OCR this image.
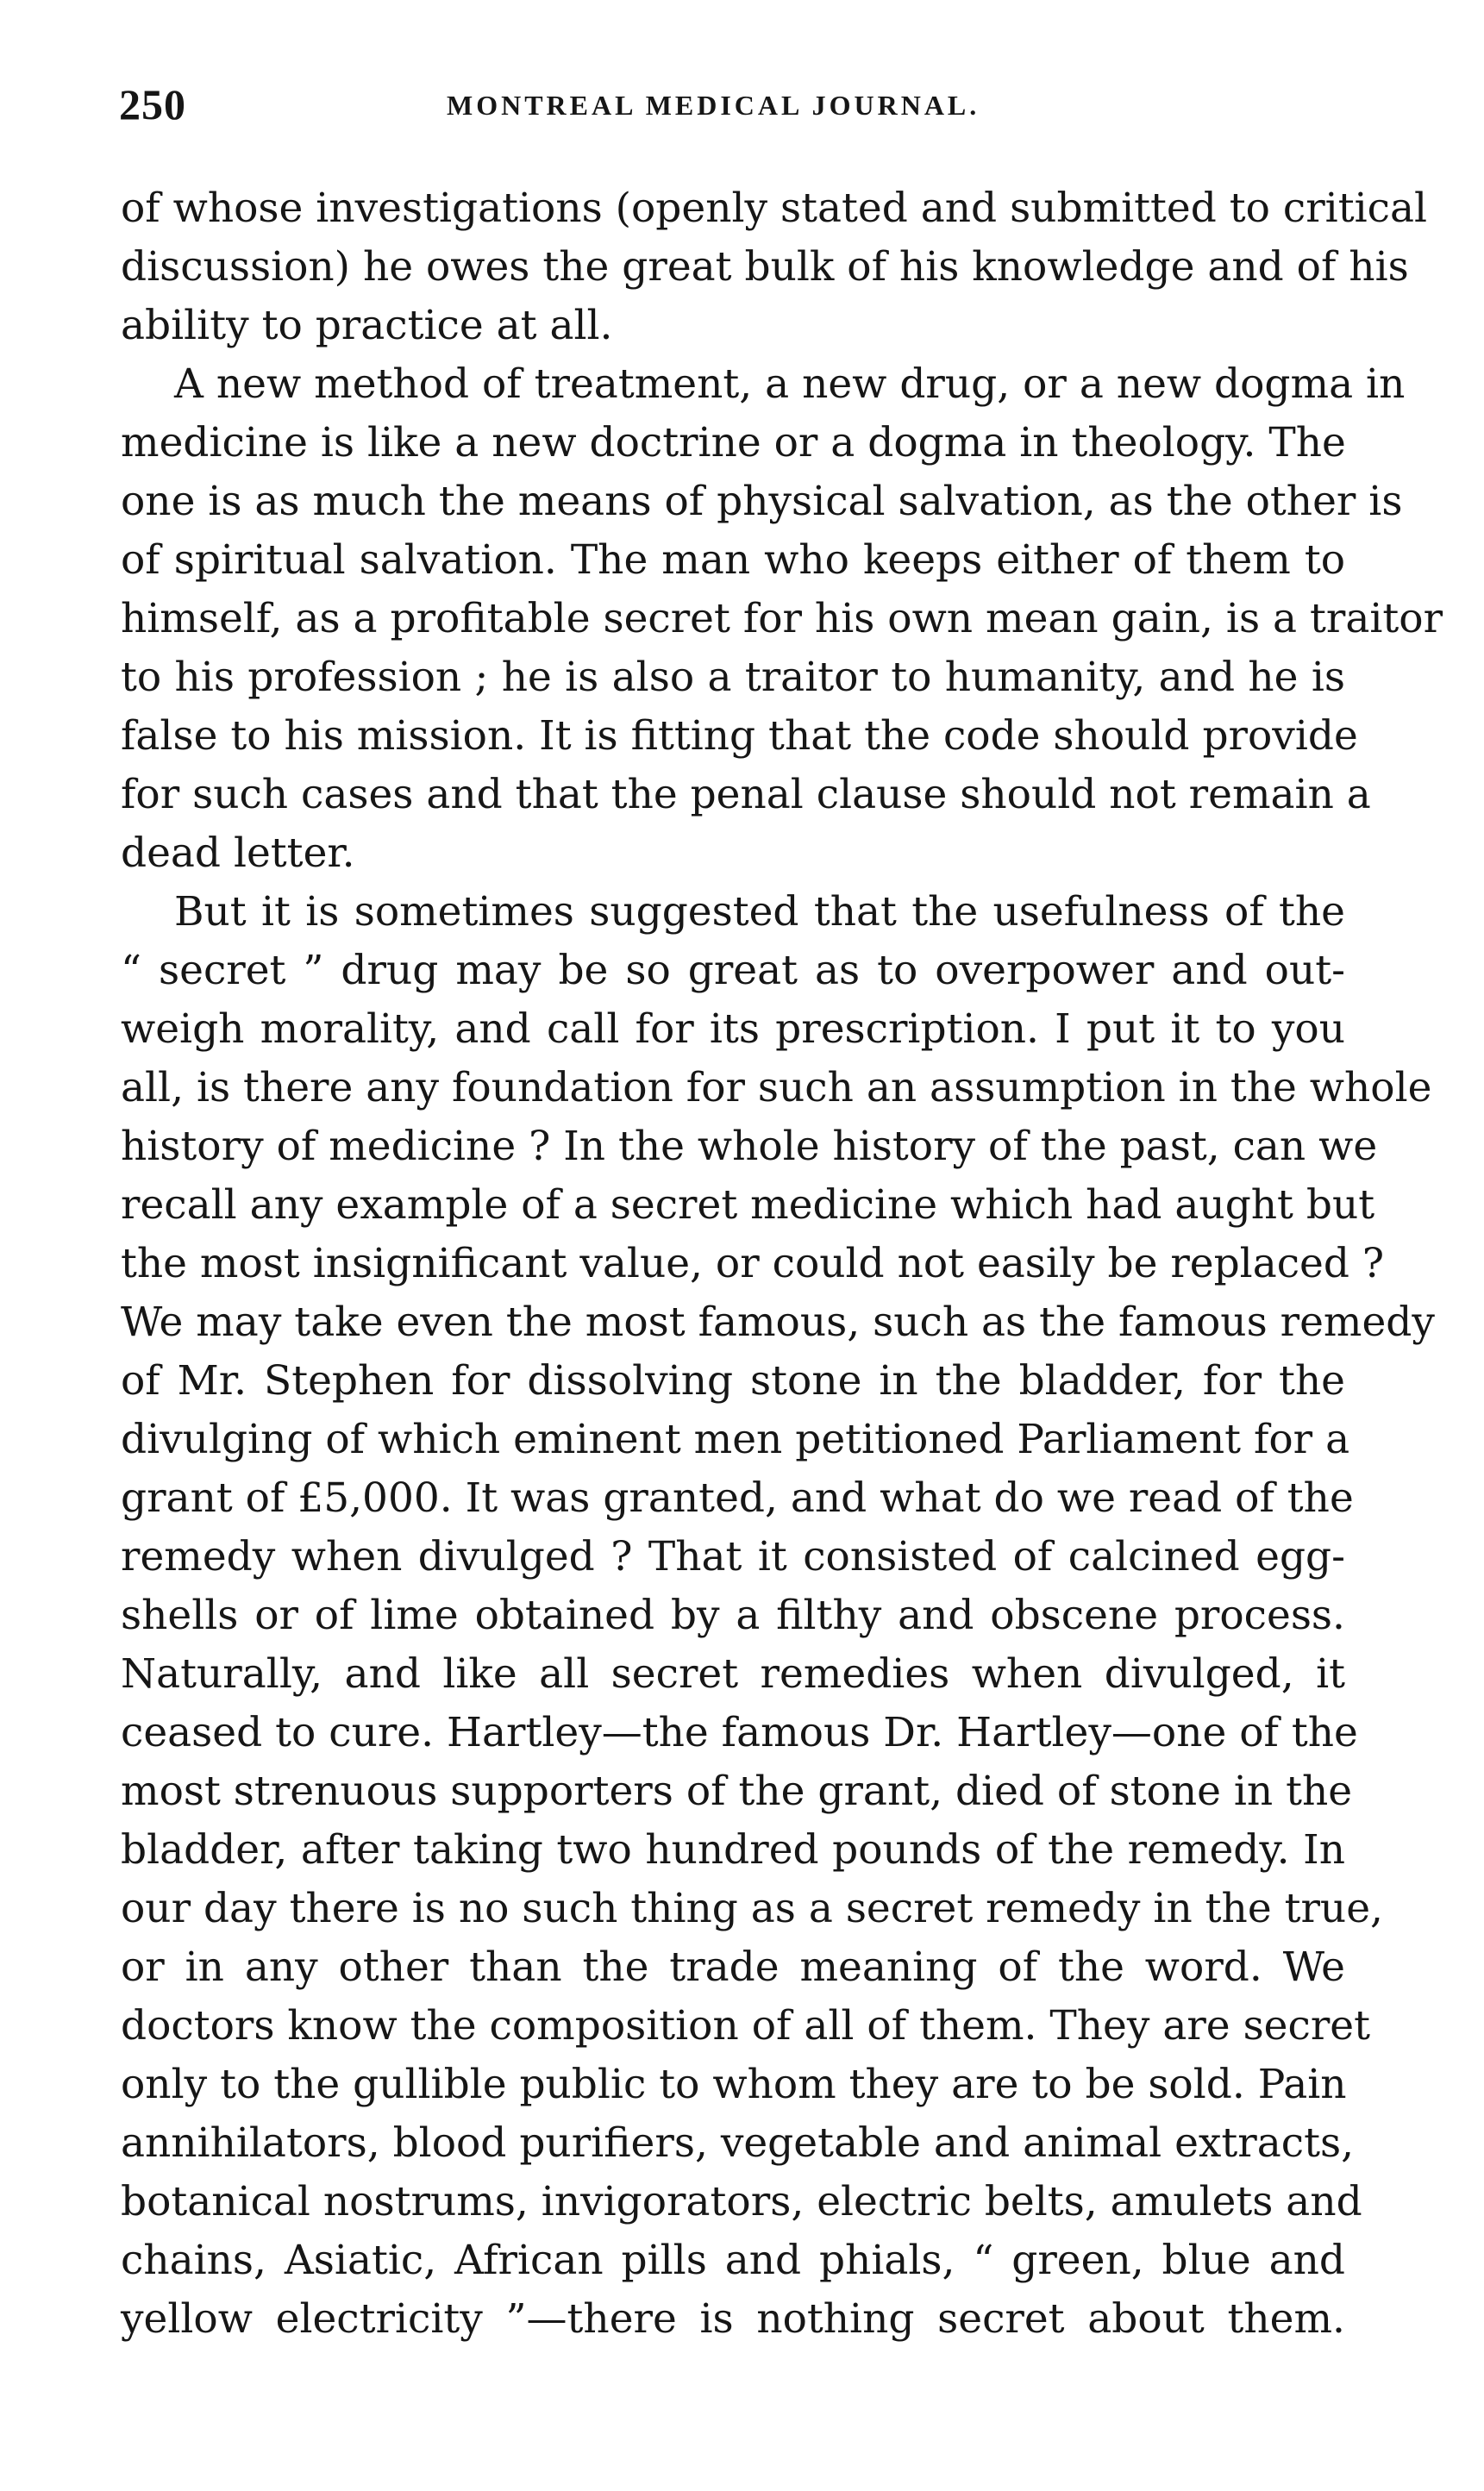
250	MONTREAL MEDICAL JOURNAL.
of whose investigations (openly stated and submitted to critical
discussion) he owes the great bulk of his knowledge and of his
ability to practice at all.
A new method of treatment, a new drug, or a new dogma in
medicine is like a new doctrine or a dogma in theology. The
one is as much the means of physical salvation, as the other is
of spiritual salvation. The man who keeps either of them to
himself, as a profitable secret for his own mean gain, is a traitor
to his profession ; he is also a traitor to humanity, and he is
false to his mission. It is fitting that the code should provide
for such cases and that the penal clause should not remain a
dead letter.
But it is sometimes suggested that the usefulness of the
“ secret ” drug may be so great as to overpower and out-
weigh morality, and call for its prescription. I put it to you
all, is there any foundation for such an assumption in the whole
history of medicine ? In the whole history of the past, can we
recall any example of a secret medicine which had aught but
the most insignificant value, or could not easily be replaced ?
We may take even the most famous, such as the famous remedy
of Mr. Stephen for dissolving stone in the bladder, for the
divulging of which eminent men petitioned Parliament for a
grant of £5,000. It was granted, and what do we read of the
remedy when divulged ? That it consisted of calcined egg-
shells or of lime obtained by a filthy and obscene process.
Naturally, and like all secret remedies when divulged, it
ceased to cure. Hartley—the famous Dr. Hartley—one of the
most strenuous supporters of the grant, died of stone in the
bladder, after taking two hundred pounds of the remedy. In
our day there is no such thing as a secret remedy in the true,
or in any other than the trade meaning of the word. We
doctors know the composition of all of them. They are secret
only to the gullible public to whom they are to be sold. Pain
annihilators, blood purifiers, vegetable and animal extracts,
botanical nostrums, invigorators, electric belts, amulets and
chains, Asiatic, African pills and phials, “ green, blue and
yellow electricity ”—there is nothing secret about them.
